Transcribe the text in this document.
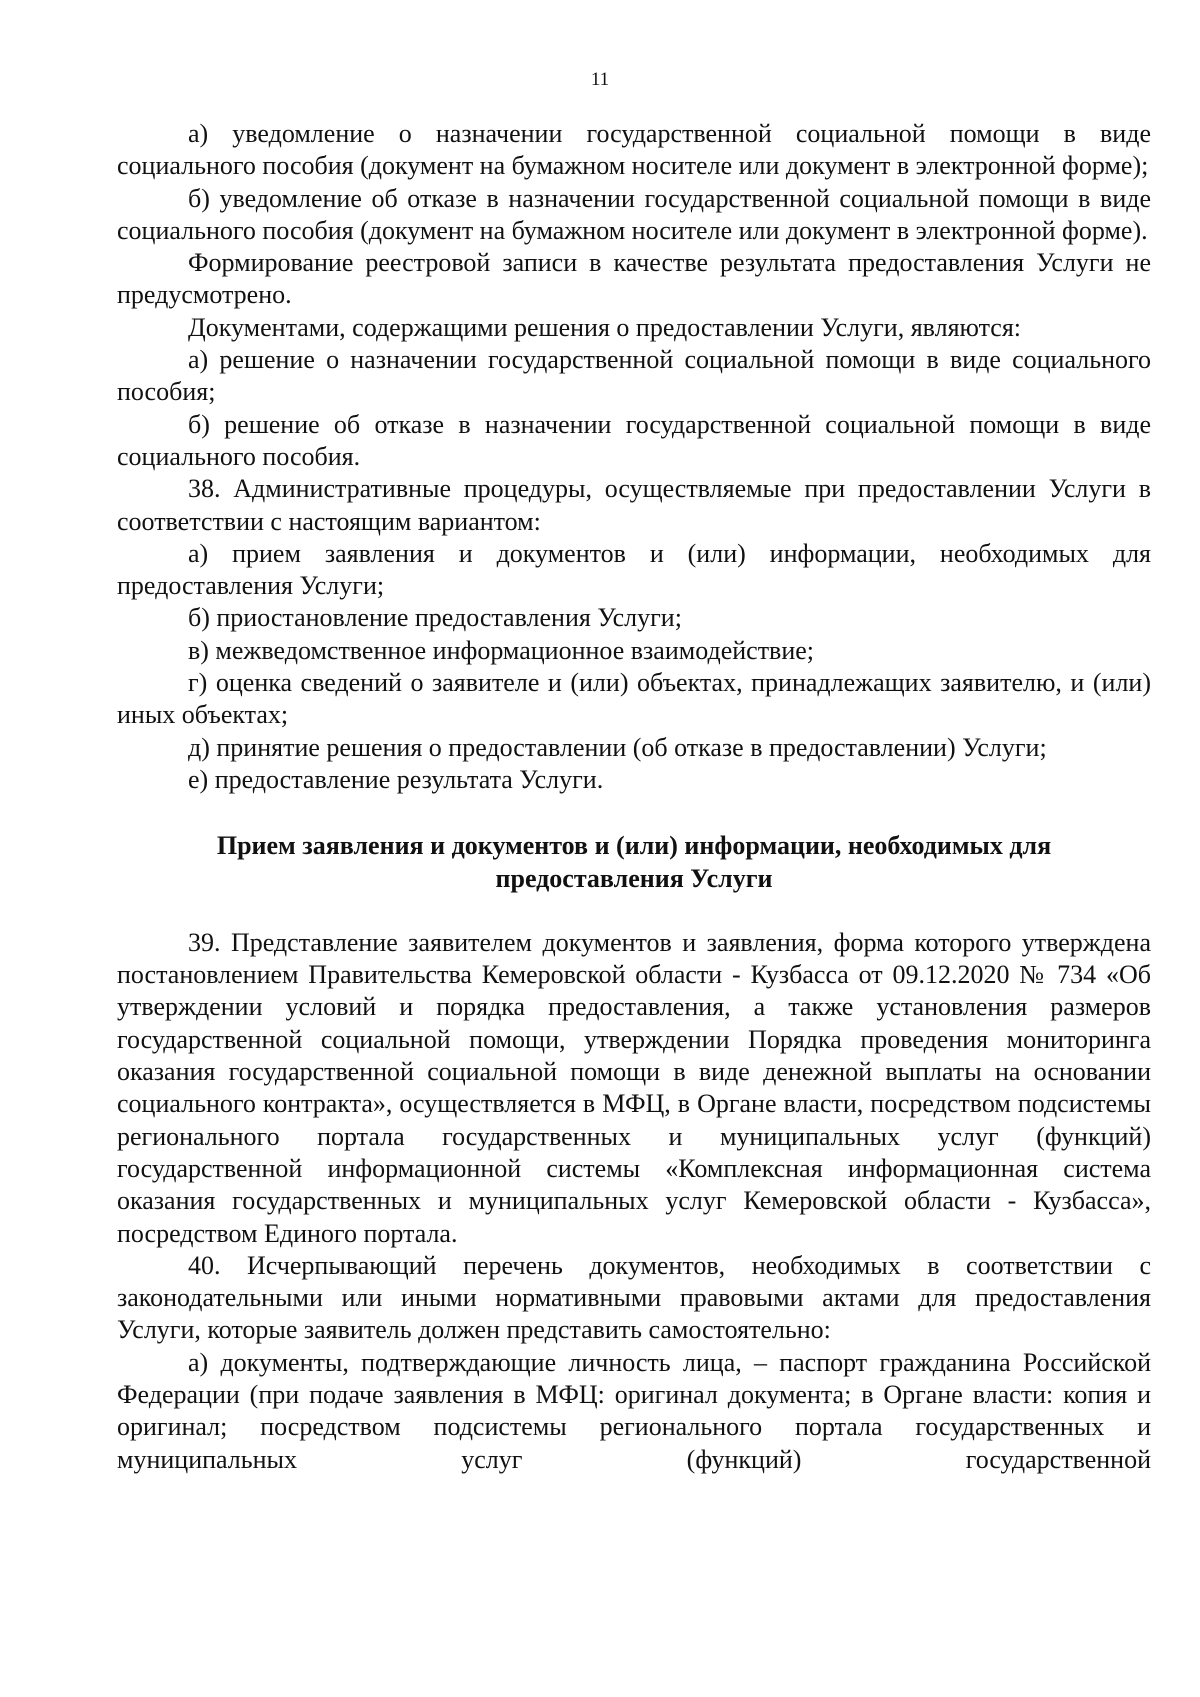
11

а) уведомление о назначении государственной социальной помощи в виде социального пособия (документ на бумажном носителе или документ в электронной форме);

б) уведомление об отказе в назначении государственной социальной помощи в виде социального пособия (документ на бумажном носителе или документ в электронной форме).

Формирование реестровой записи в качестве результата предоставления Услуги не предусмотрено.

Документами, содержащими решения о предоставлении Услуги, являются:

а) решение о назначении государственной социальной помощи в виде социального пособия;

б) решение об отказе в назначении государственной социальной помощи в виде социального пособия.

38. Административные процедуры, осуществляемые при предоставлении Услуги в соответствии с настоящим вариантом:

а) прием заявления и документов и (или) информации, необходимых для предоставления Услуги;

б) приостановление предоставления Услуги;

в) межведомственное информационное взаимодействие;

г) оценка сведений о заявителе и (или) объектах, принадлежащих заявителю, и (или) иных объектах;

д) принятие решения о предоставлении (об отказе в предоставлении) Услуги;

е) предоставление результата Услуги.

Прием заявления и документов и (или) информации, необходимых для
предоставления Услуги

39. Представление заявителем документов и заявления, форма которого утверждена постановлением Правительства Кемеровской области - Кузбасса от 09.12.2020 № 734 «Об утверждении условий и порядка предоставления, а также установления размеров государственной социальной помощи, утверждении Порядка проведения мониторинга оказания государственной социальной помощи в виде денежной выплаты на основании социального контракта», осуществляется в МФЦ, в Органе власти, посредством подсистемы регионального портала государственных и муниципальных услуг (функций) государственной информационной системы «Комплексная информационная система оказания государственных и муниципальных услуг Кемеровской области - Кузбасса», посредством Единого портала.

40. Исчерпывающий перечень документов, необходимых в соответствии с законодательными или иными нормативными правовыми актами для предоставления Услуги, которые заявитель должен представить самостоятельно:

а) документы, подтверждающие личность лица, – паспорт гражданина Российской Федерации (при подаче заявления в МФЦ: оригинал документа; в Органе власти: копия и оригинал; посредством подсистемы регионального портала государственных и муниципальных услуг (функций) государственной
